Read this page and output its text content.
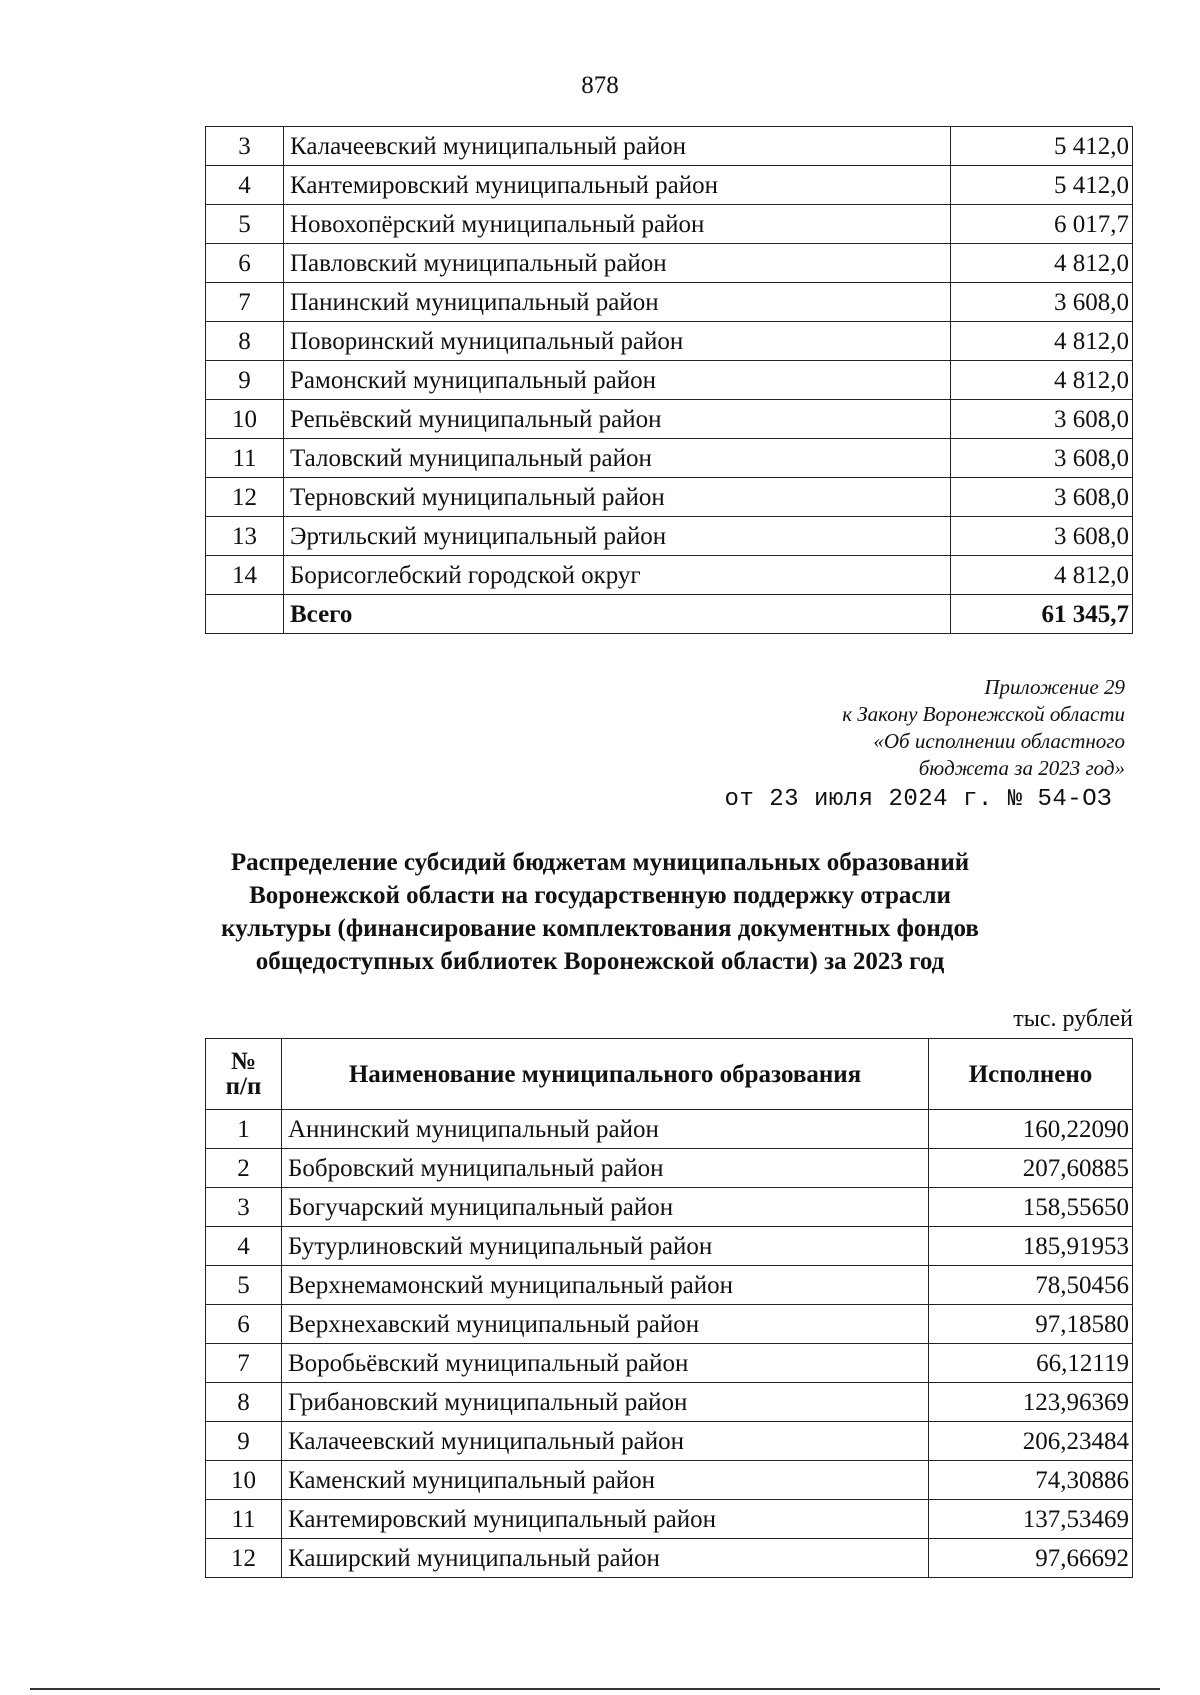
878
3	Калачеевский муниципальный район	5 412,0
4	Кантемировский муниципальный район	5 412,0
5	Новохопёрский муниципальный район	6 017,7
6	Павловский муниципальный район	4 812,0
7	Панинский муниципальный район	3 608,0
8	Поворинский муниципальный район	4 812,0
9	Рамонский муниципальный район	4 812,0
10	Репьёвский муниципальный район	3 608,0
11	Таловский муниципальный район	3 608,0
12	Терновский муниципальный район	3 608,0
13	Эртильский муниципальный район	3 608,0
14	Борисоглебский городской округ	4 812,0
	Всего	61 345,7
Приложение 29
к Закону Воронежской области
«Об исполнении областного
бюджета за 2023 год»
от 23 июля 2024 г. № 54-ОЗ
Распределение субсидий бюджетам муниципальных образований
Воронежской области на государственную поддержку отрасли
культуры (финансирование комплектования документных фондов
общедоступных библиотек Воронежской области) за 2023 год
тыс. рублей
№
п/п	Наименование муниципального образования	Исполнено
1	Аннинский муниципальный район	160,22090
2	Бобровский муниципальный район	207,60885
3	Богучарский муниципальный район	158,55650
4	Бутурлиновский муниципальный район	185,91953
5	Верхнемамонский муниципальный район	78,50456
6	Верхнехавский муниципальный район	97,18580
7	Воробьёвский муниципальный район	66,12119
8	Грибановский муниципальный район	123,96369
9	Калачеевский муниципальный район	206,23484
10	Каменский муниципальный район	74,30886
11	Кантемировский муниципальный район	137,53469
12	Каширский муниципальный район	97,66692
